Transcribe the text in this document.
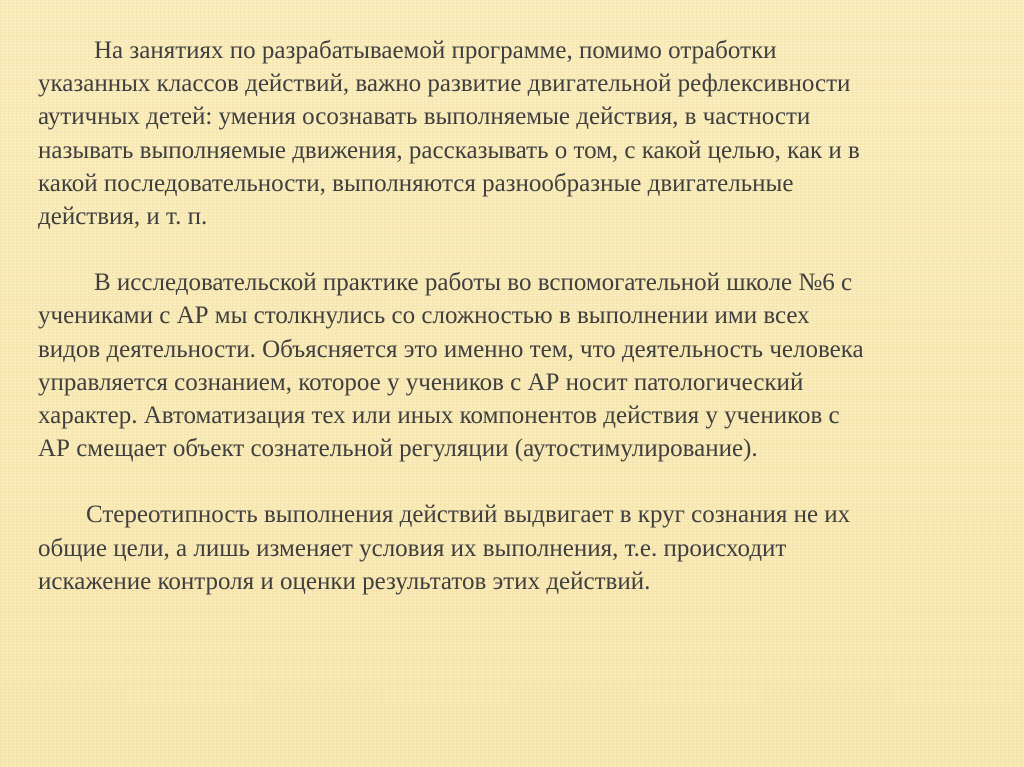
На занятиях по разрабатываемой программе, помимо отработки
указанных классов действий, важно развитие двигательной рефлексивности
аутичных детей: умения осознавать выполняемые действия, в частности
называть выполняемые движения, рассказывать о том, с какой целью, как и в
какой последовательности, выполняются разнообразные двигательные
действия, и т. п.

В исследовательской практике работы во вспомогательной школе №6 с
учениками с АР мы столкнулись со сложностью в выполнении ими всех
видов деятельности. Объясняется это именно тем, что деятельность человека
управляется сознанием, которое у учеников с АР носит патологический
характер. Автоматизация тех или иных компонентов действия у учеников с
АР смещает объект сознательной регуляции (аутостимулирование).

Стереотипность выполнения действий выдвигает в круг сознания не их
общие цели, а лишь изменяет условия их выполнения, т.е. происходит
искажение контроля и оценки результатов этих действий.
